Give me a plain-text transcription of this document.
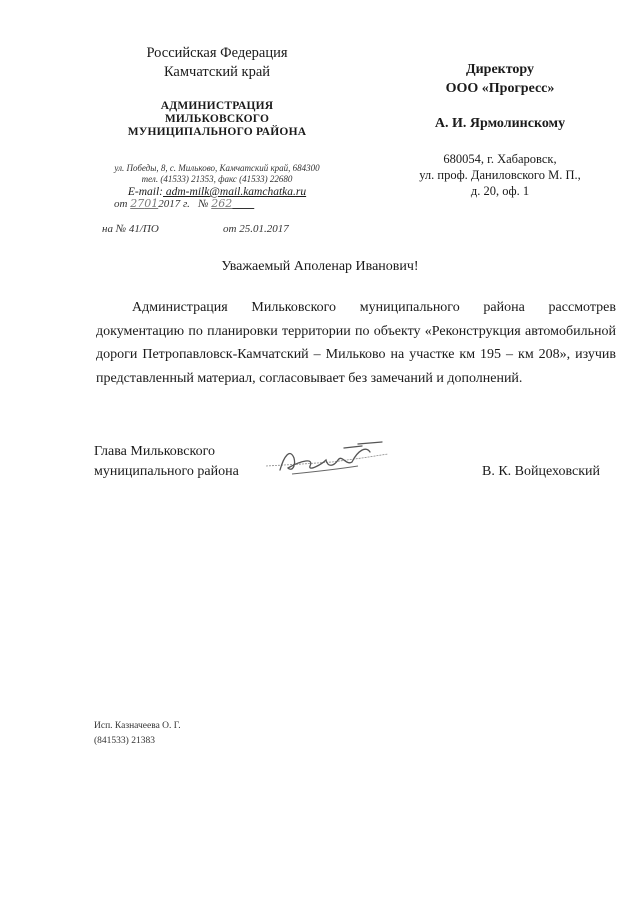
Российская Федерация
Камчатский край
АДМИНИСТРАЦИЯ
МИЛЬКОВСКОГО
МУНИЦИПАЛЬНОГО РАЙОНА
ул. Победы, 8, с. Мильково, Камчатский край, 684300
тел. (41533) 21353, факс (41533) 22680
E-mail: adm-milk@mail.kamchatka.ru
от 27012017 г. № 262
на № 41/ПО	от 25.01.2017
Директору
ООО «Прогресс»
А. И. Ярмолинскому
680054, г. Хабаровск,
ул. проф. Даниловского М. П.,
д. 20, оф. 1
Уважаемый Аполенар Иванович!
Администрация Мильковского муниципального района рассмотрев документацию по планировки территории по объекту «Реконструкция автомобильной дороги Петропавловск-Камчатский – Мильково на участке км 195 – км 208», изучив представленный материал, согласовывает без замечаний и дополнений.
Глава Мильковского
муниципального района	В. К. Войцеховский
Исп. Казначеева О. Г.
(841533) 21383
